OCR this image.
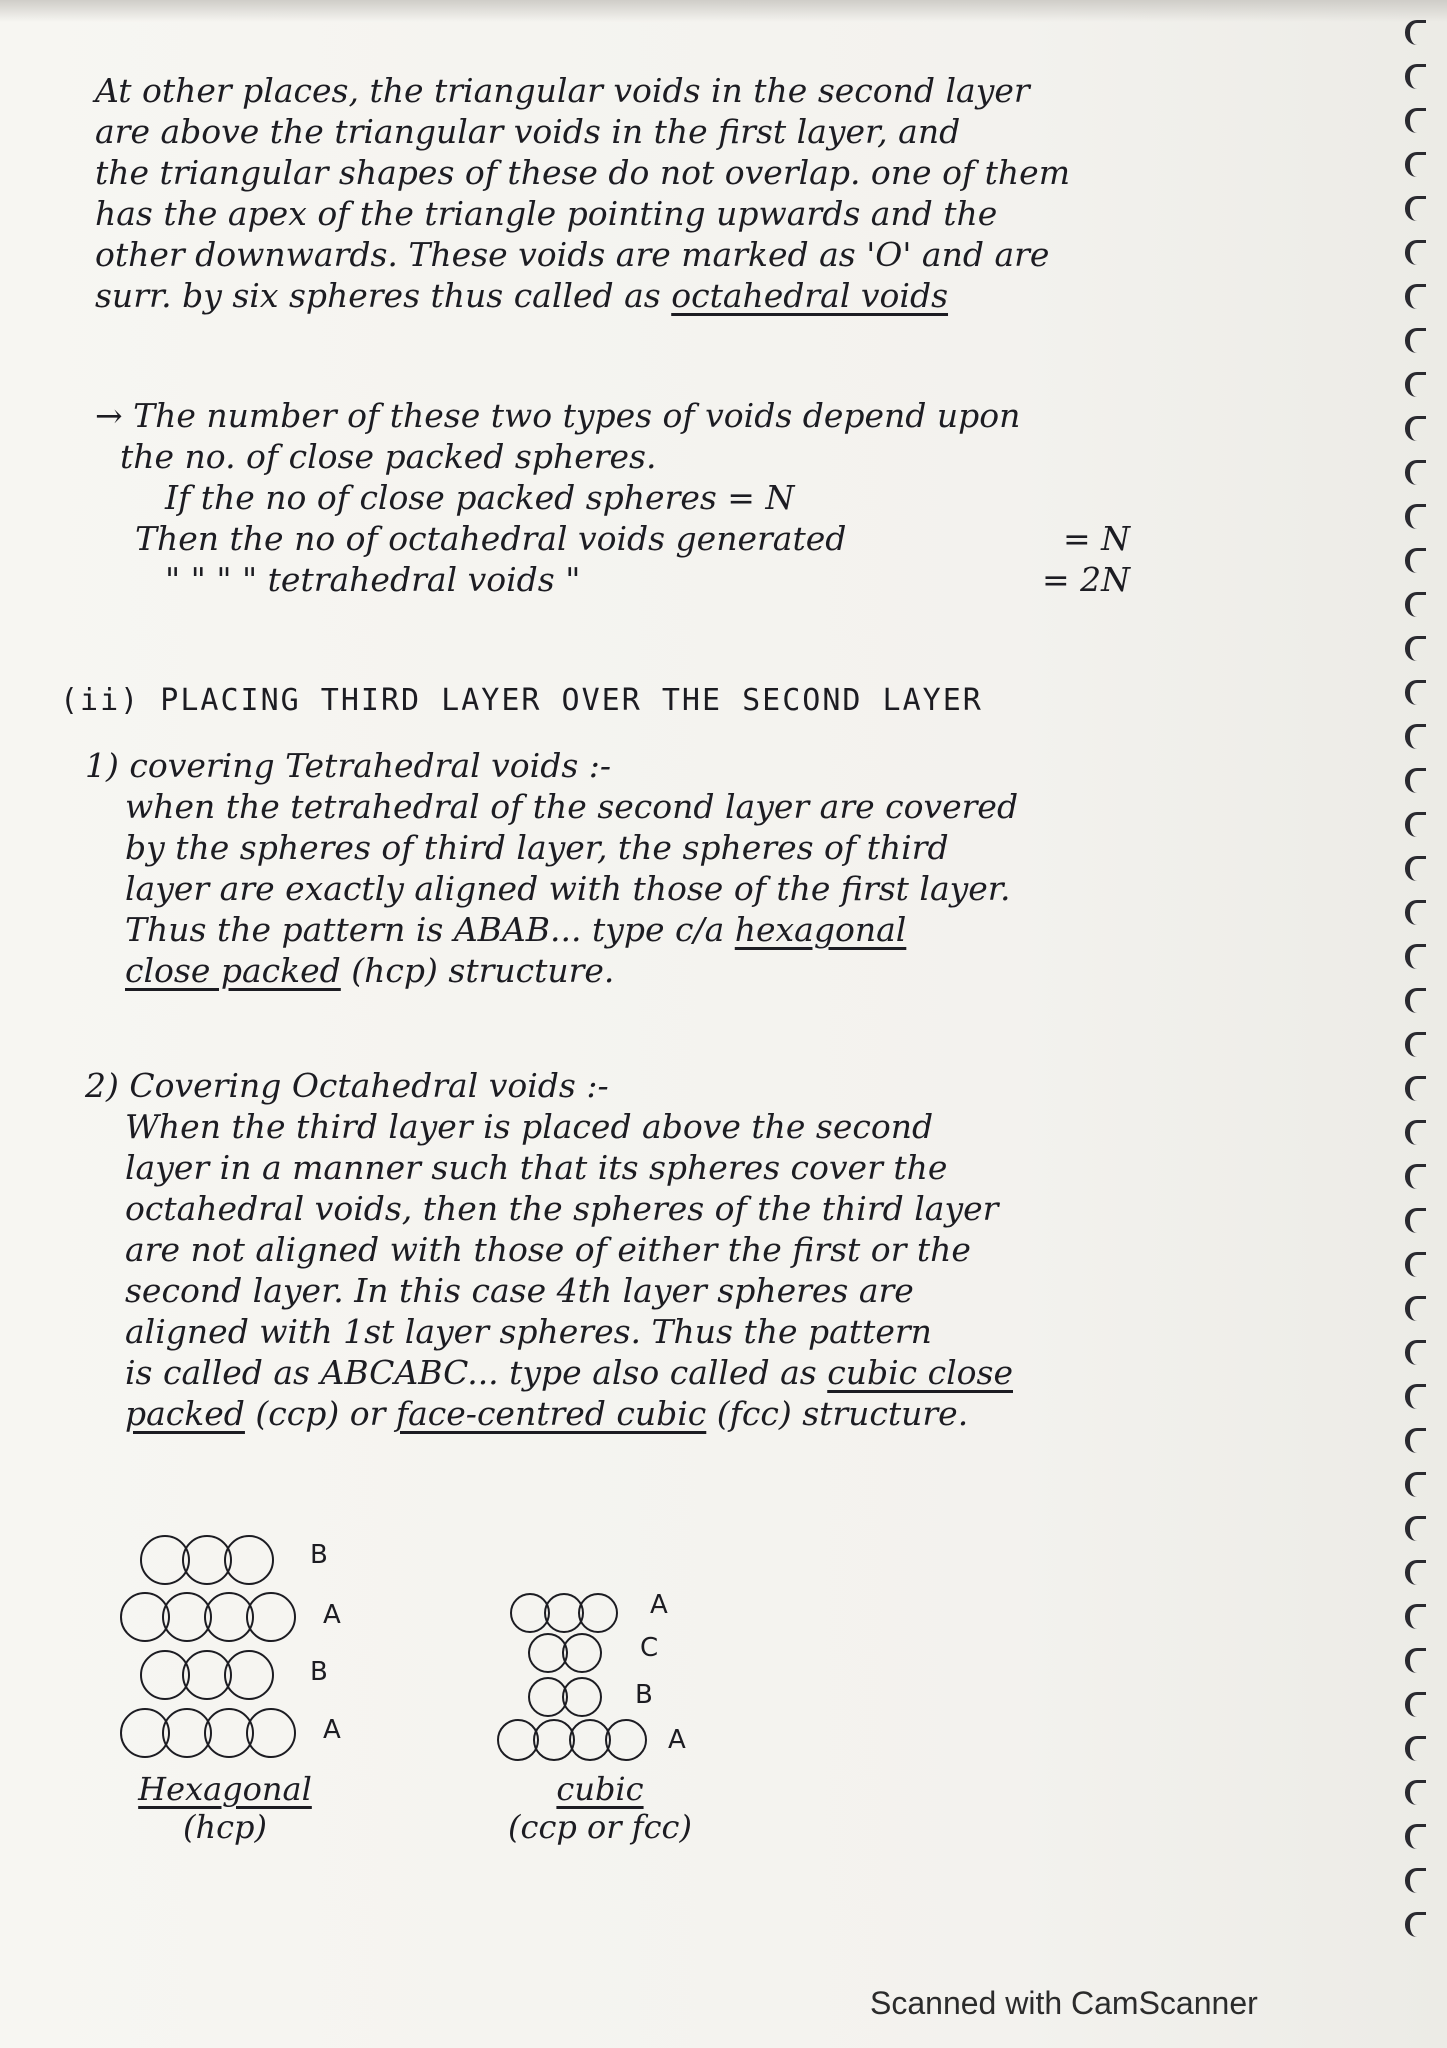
At other places, the triangular voids in the second layer
are above the triangular voids in the first layer, and
the triangular shapes of these do not overlap. one of them
has the apex of the triangle pointing upwards and the
other downwards. These voids are marked as 'O' and are
surr. by six spheres thus called as octahedral voids
→ The number of these two types of voids depend upon
the no. of close packed spheres.
If the no of close packed spheres = N
Then the no of octahedral voids generated	= N
" " " " tetrahedral voids "	= 2N
(ii) PLACING THIRD LAYER OVER THE SECOND LAYER
1) covering Tetrahedral voids :-
when the tetrahedral of the second layer are covered
by the spheres of third layer, the spheres of third
layer are exactly aligned with those of the first layer.
Thus the pattern is ABAB... type c/a hexagonal
close packed (hcp) structure.
2) Covering Octahedral voids :-
When the third layer is placed above the second
layer in a manner such that its spheres cover the
octahedral voids, then the spheres of the third layer
are not aligned with those of either the first or the
second layer. In this case 4th layer spheres are
aligned with 1st layer spheres. Thus the pattern
is called as ABCABC... type also called as cubic close
packed (ccp) or face-centred cubic (fcc) structure.
B
A
B
A
Hexagonal
(hcp)
A
C
B
A
cubic
(ccp or fcc)
Scanned with CamScanner
